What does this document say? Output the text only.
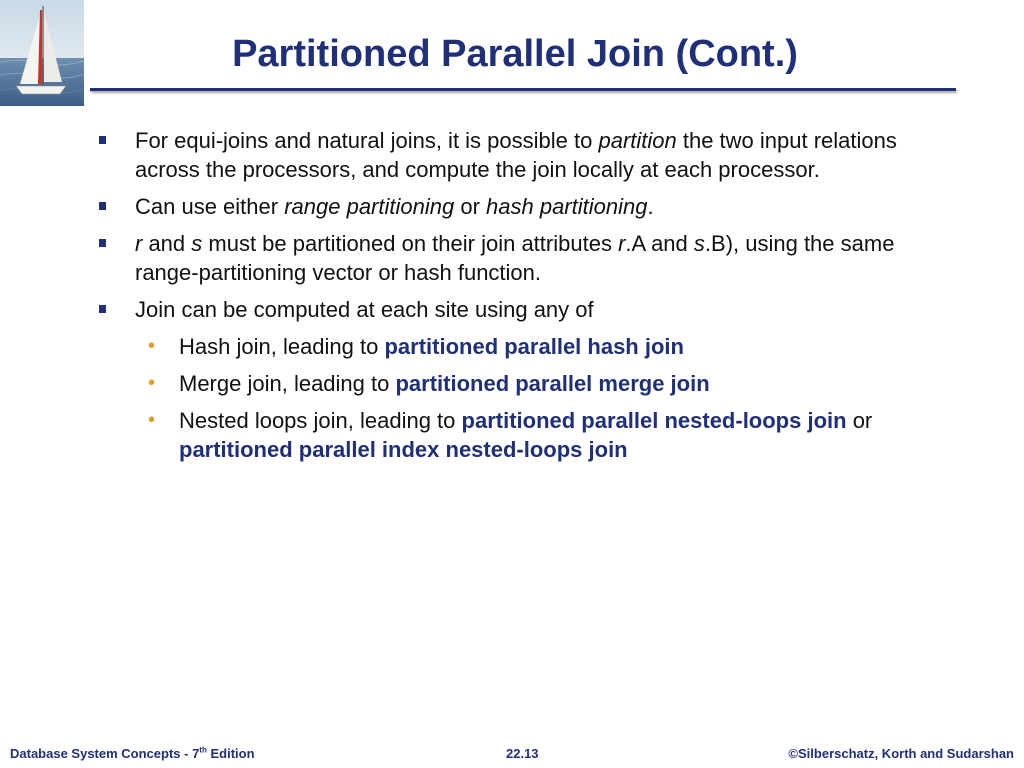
Partitioned Parallel Join (Cont.)

For equi-joins and natural joins, it is possible to partition the two input relations across the processors, and compute the join locally at each processor.

Can use either range partitioning or hash partitioning.

r and s must be partitioned on their join attributes r.A and s.B), using the same range-partitioning vector or hash function.

Join can be computed at each site using any of

• Hash join, leading to partitioned parallel hash join

• Merge join, leading to partitioned parallel merge join

• Nested loops join, leading to partitioned parallel nested-loops join or partitioned parallel index nested-loops join

Database System Concepts - 7th Edition	22.13	©Silberschatz, Korth and Sudarshan
